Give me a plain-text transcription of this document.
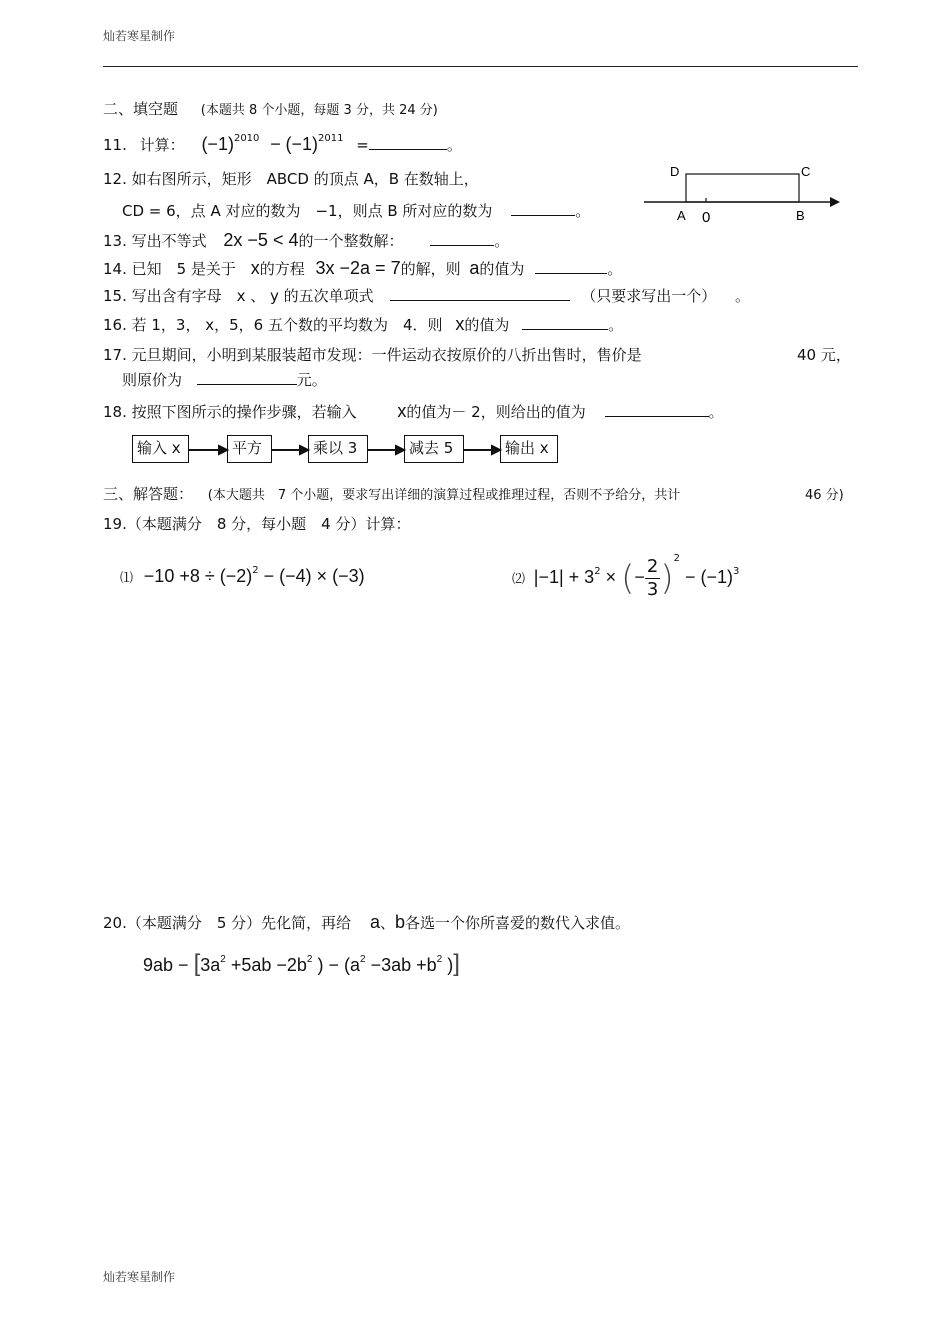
灿若寒星制作
二、填空题 (本题共 8 个小题，每题 3 分，共 24 分)
11. 计算： $(-1)^{2010} - (-1)^{2011}$ =	。
12. 如右图所示，矩形　ABCD 的顶点 A，B 在数轴上，
CD = 6，点 A 对应的数为　−1，则点 B 所对应的数为	。
D	C
A 0	B
13. 写出不等式 2x −5 < 4的一个整数解：	。
14. 已知　5 是关于 x的方程 3x −2a = 7的解，则 a的值为	。
15. 写出含有字母　x 、 y 的五次单项式	（只要求写出一个） 。
16. 若 1，3， x，5，6 五个数的平均数为　4．则 x的值为	。
17. 元旦期间，小明到某服装超市发现：一件运动衣按原价的八折出售时，售价是	40 元，
则原价为	元。
18. 按照下图所示的操作步骤，若输入 x的值为－ 2，则给出的值为	。
输入 x	平方	乘以 3	减去 5	输出 x
三、解答题： (本大题共　7 个小题，要求写出详细的演算过程或推理过程，否则不予给分，共计	46 分)
19.（本题满分　8 分，每小题　4 分）计算：
⑴ $-10 +8 \div (-2)^2 - (-4) \times (-3)$	⑵ $|-1| + 3^2$ × (− $\frac{2}{3} )^2 - (-1)^3$
20.（本题满分　5 分）先化简，再给 a、b各选一个你所喜爱的数代入求值。
$9ab - [3a^2 +5ab -2b^2$ ) − ($a^2 -3ab +b^2$ )]
灿若寒星制作
